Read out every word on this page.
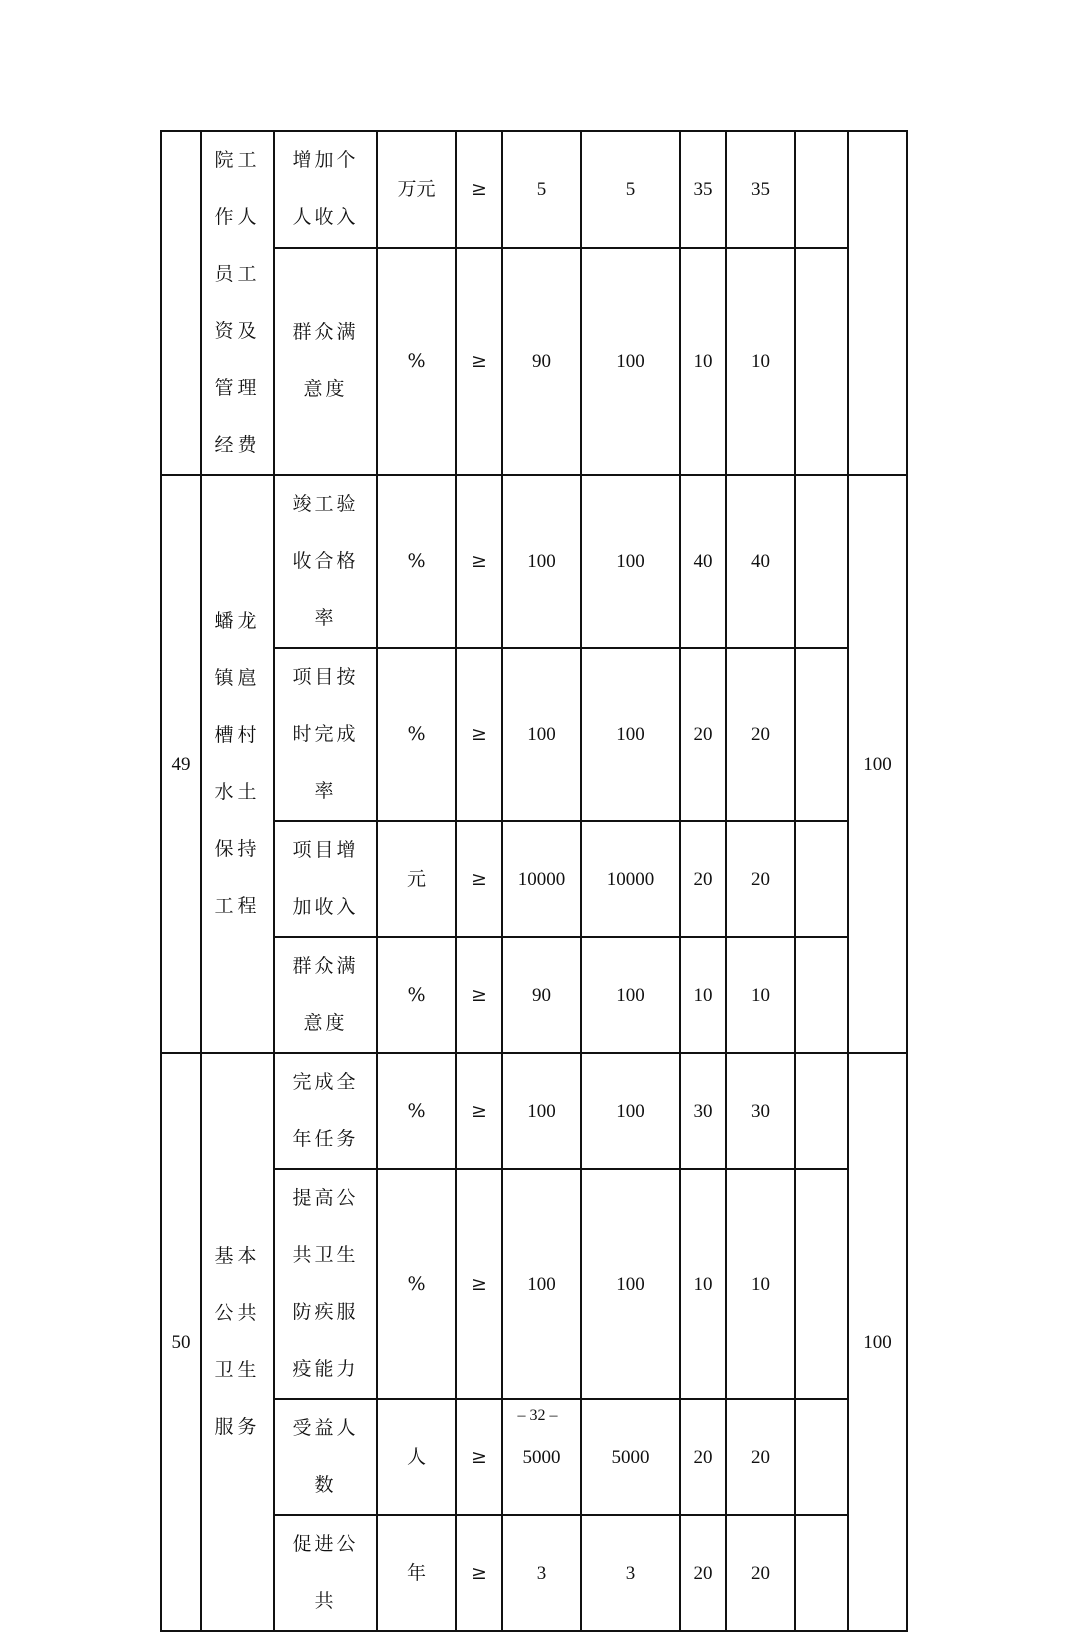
	院工作人员工资及管理经费	增加个人收入	万元	≥	5	5	35	35		
		群众满意度	%	≥	90	100	10	10		
49	蟠龙镇扈槽村水土保持工程	竣工验收合格率	%	≥	100	100	40	40		100
		项目按时完成率	%	≥	100	100	20	20		
		项目增加收入	元	≥	10000	10000	20	20		
		群众满意度	%	≥	90	100	10	10		
50	基本公共卫生服务	完成全年任务	%	≥	100	100	30	30		100
		提高公共卫生防疾服疫能力	%	≥	100	100	10	10		
		受益人数	人	≥	5000	5000	20	20		
		促进公共	年	≥	3	3	20	20		
– 32 –
